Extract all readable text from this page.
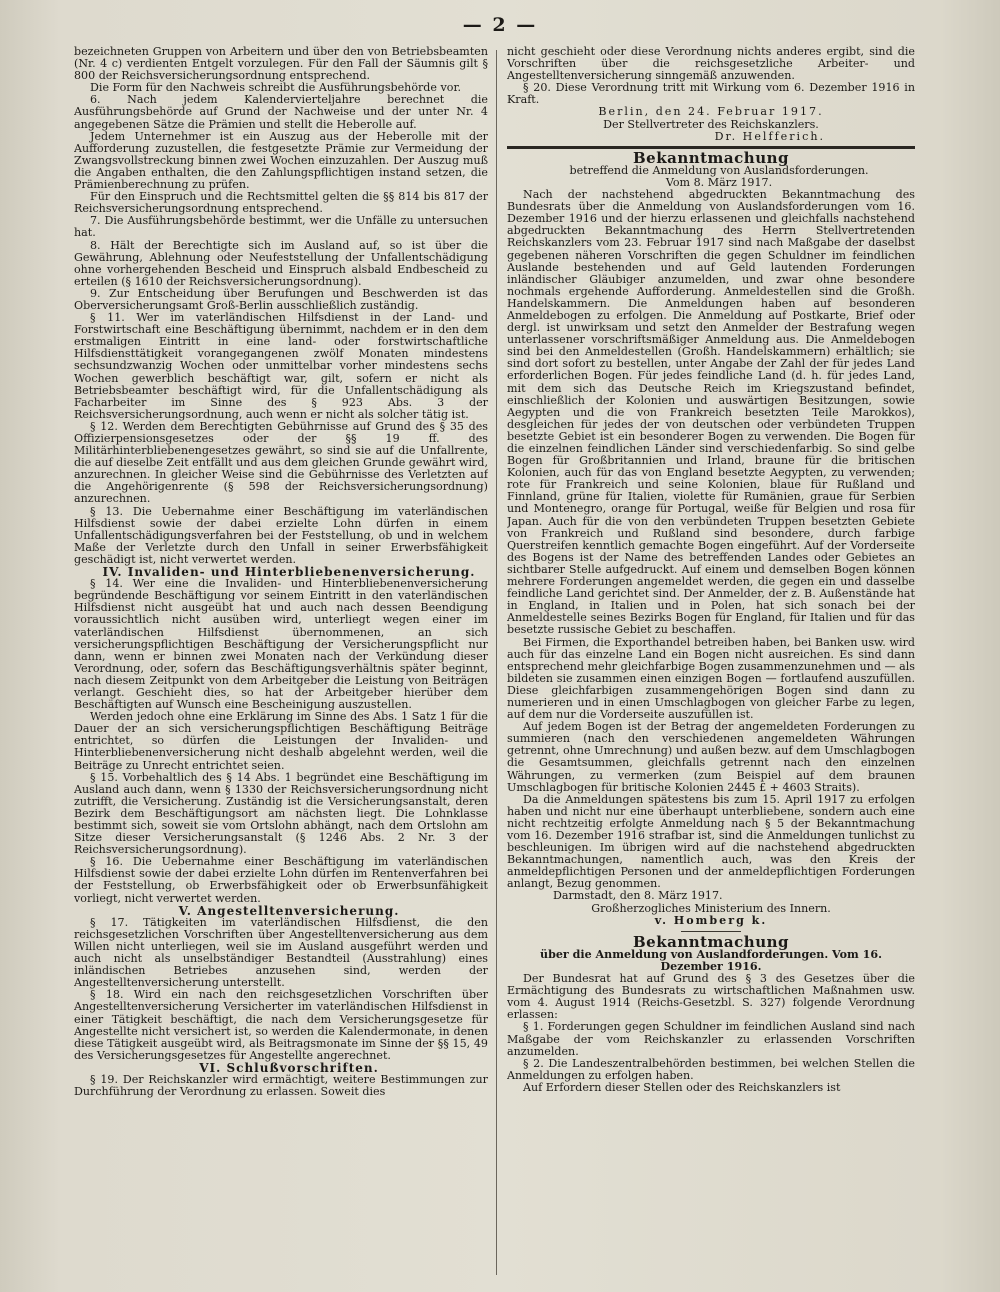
— 2 —

bezeichneten Gruppen von Arbeitern und über den von Betriebsbeamten (Nr. 4 c) verdienten Entgelt vorzulegen. Für den Fall der Säumnis gilt § 800 der Reichsversicherungsordnung entsprechend.

Die Form für den Nachweis schreibt die Ausführungsbehörde vor.

6. Nach jedem Kalendervierteljahre berechnet die Ausführungsbehörde auf Grund der Nachweise und der unter Nr. 4 angegebenen Sätze die Prämien und stellt die Heberolle auf.

Jedem Unternehmer ist ein Auszug aus der Heberolle mit der Aufforderung zuzustellen, die festgesetzte Prämie zur Vermeidung der Zwangsvollstreckung binnen zwei Wochen einzuzahlen. Der Auszug muß die Angaben enthalten, die den Zahlungspflichtigen instand setzen, die Prämienberechnung zu prüfen.

Für den Einspruch und die Rechtsmittel gelten die §§ 814 bis 817 der Reichsversicherungsordnung entsprechend.

7. Die Ausführungsbehörde bestimmt, wer die Unfälle zu untersuchen hat.

8. Hält der Berechtigte sich im Ausland auf, so ist über die Gewährung, Ablehnung oder Neufeststellung der Unfallentschädigung ohne vorhergehenden Bescheid und Einspruch alsbald Endbescheid zu erteilen (§ 1610 der Reichsversicherungsordnung).

9. Zur Entscheidung über Berufungen und Beschwerden ist das Oberversicherungsamt Groß-Berlin ausschließlich zuständig.

§ 11. Wer im vaterländischen Hilfsdienst in der Land- und Forstwirtschaft eine Beschäftigung übernimmt, nachdem er in den dem erstmaligen Eintritt in eine land- oder forstwirtschaftliche Hilfsdiensttätigkeit vorangegangenen zwölf Monaten mindestens sechsundzwanzig Wochen oder unmittelbar vorher mindestens sechs Wochen gewerblich beschäftigt war, gilt, sofern er nicht als Betriebsbeamter beschäftigt wird, für die Unfallentschädigung als Facharbeiter im Sinne des § 923 Abs. 3 der Reichsversicherungsordnung, auch wenn er nicht als solcher tätig ist.

§ 12. Werden dem Berechtigten Gebührnisse auf Grund des § 35 des Offizierpensionsgesetzes oder der §§ 19 ff. des Militärhinterbliebenengesetzes gewährt, so sind sie auf die Unfallrente, die auf dieselbe Zeit entfällt und aus dem gleichen Grunde gewährt wird, anzurechnen. In gleicher Weise sind die Gebührnisse des Verletzten auf die Angehörigenrente (§ 598 der Reichsversicherungsordnung) anzurechnen.

§ 13. Die Uebernahme einer Beschäftigung im vaterländischen Hilfsdienst sowie der dabei erzielte Lohn dürfen in einem Unfallentschädigungsverfahren bei der Feststellung, ob und in welchem Maße der Verletzte durch den Unfall in seiner Erwerbsfähigkeit geschädigt ist, nicht verwertet werden.

IV. Invaliden- und Hinterbliebenenversicherung.

§ 14. Wer eine die Invaliden- und Hinterbliebenenversicherung begründende Beschäftigung vor seinem Eintritt in den vaterländischen Hilfsdienst nicht ausgeübt hat und auch nach dessen Beendigung voraussichtlich nicht ausüben wird, unterliegt wegen einer im vaterländischen Hilfsdienst übernommenen, an sich versicherungspflichtigen Beschäftigung der Versicherungspflicht nur dann, wenn er binnen zwei Monaten nach der Verkündung dieser Verordnung, oder, sofern das Beschäftigungsverhältnis später beginnt, nach diesem Zeitpunkt von dem Arbeitgeber die Leistung von Beiträgen verlangt. Geschieht dies, so hat der Arbeitgeber hierüber dem Beschäftigten auf Wunsch eine Bescheinigung auszustellen.

Werden jedoch ohne eine Erklärung im Sinne des Abs. 1 Satz 1 für die Dauer der an sich versicherungspflichtigen Beschäftigung Beiträge entrichtet, so dürfen die Leistungen der Invaliden- und Hinterbliebenenversicherung nicht deshalb abgelehnt werden, weil die Beiträge zu Unrecht entrichtet seien.

§ 15. Vorbehaltlich des § 14 Abs. 1 begründet eine Beschäftigung im Ausland auch dann, wenn § 1330 der Reichsversicherungsordnung nicht zutrifft, die Versicherung. Zuständig ist die Versicherungsanstalt, deren Bezirk dem Beschäftigungsort am nächsten liegt. Die Lohnklasse bestimmt sich, soweit sie vom Ortslohn abhängt, nach dem Ortslohn am Sitze dieser Versicherungsanstalt (§ 1246 Abs. 2 Nr. 3 der Reichsversicherungsordnung).

§ 16. Die Uebernahme einer Beschäftigung im vaterländischen Hilfsdienst sowie der dabei erzielte Lohn dürfen im Rentenverfahren bei der Feststellung, ob Erwerbsfähigkeit oder ob Erwerbsunfähigkeit vorliegt, nicht verwertet werden.

V. Angestelltenversicherung.

§ 17. Tätigkeiten im vaterländischen Hilfsdienst, die den reichsgesetzlichen Vorschriften über Angestelltenversicherung aus dem Willen nicht unterliegen, weil sie im Ausland ausgeführt werden und auch nicht als unselbständiger Bestandteil (Ausstrahlung) eines inländischen Betriebes anzusehen sind, werden der Angestelltenversicherung unterstellt.

§ 18. Wird ein nach den reichsgesetzlichen Vorschriften über Angestelltenversicherung Versicherter im vaterländischen Hilfsdienst in einer Tätigkeit beschäftigt, die nach dem Versicherungsgesetze für Angestellte nicht versichert ist, so werden die Kalendermonate, in denen diese Tätigkeit ausgeübt wird, als Beitragsmonate im Sinne der §§ 15, 49 des Versicherungsgesetzes für Angestellte angerechnet.

VI. Schlußvorschriften.

§ 19. Der Reichskanzler wird ermächtigt, weitere Bestimmungen zur Durchführung der Verordnung zu erlassen. Soweit dies

nicht geschieht oder diese Verordnung nichts anderes ergibt, sind die Vorschriften über die reichsgesetzliche Arbeiter- und Angestelltenversicherung sinngemäß anzuwenden.

§ 20. Diese Verordnung tritt mit Wirkung vom 6. Dezember 1916 in Kraft.

Berlin, den 24. Februar 1917.

Der Stellvertreter des Reichskanzlers.

Dr. Helfferich.

Bekanntmachung

betreffend die Anmeldung von Auslandsforderungen.

Vom 8. März 1917.

Nach der nachstehend abgedruckten Bekanntmachung des Bundesrats über die Anmeldung von Auslandsforderungen vom 16. Dezember 1916 und der hierzu erlassenen und gleichfalls nachstehend abgedruckten Bekanntmachung des Herrn Stellvertretenden Reichskanzlers vom 23. Februar 1917 sind nach Maßgabe der daselbst gegebenen näheren Vorschriften die gegen Schuldner im feindlichen Auslande bestehenden und auf Geld lautenden Forderungen inländischer Gläubiger anzumelden, und zwar ohne besondere nochmals ergehende Aufforderung. Anmeldestellen sind die Großh. Handelskammern. Die Anmeldungen haben auf besonderen Anmeldebogen zu erfolgen. Die Anmeldung auf Postkarte, Brief oder dergl. ist unwirksam und setzt den Anmelder der Bestrafung wegen unterlassener vorschriftsmäßiger Anmeldung aus. Die Anmeldebogen sind bei den Anmeldestellen (Großh. Handelskammern) erhältlich; sie sind dort sofort zu bestellen, unter Angabe der Zahl der für jedes Land erforderlichen Bogen. Für jedes feindliche Land (d. h. für jedes Land, mit dem sich das Deutsche Reich im Kriegszustand befindet, einschließlich der Kolonien und auswärtigen Besitzungen, sowie Aegypten und die von Frankreich besetzten Teile Marokkos), desgleichen für jedes der von deutschen oder verbündeten Truppen besetzte Gebiet ist ein besonderer Bogen zu verwenden. Die Bogen für die einzelnen feindlichen Länder sind verschiedenfarbig. So sind gelbe Bogen für Großbritannien und Irland, braune für die britischen Kolonien, auch für das von England besetzte Aegypten, zu verwenden; rote für Frankreich und seine Kolonien, blaue für Rußland und Finnland, grüne für Italien, violette für Rumänien, graue für Serbien und Montenegro, orange für Portugal, weiße für Belgien und rosa für Japan. Auch für die von den verbündeten Truppen besetzten Gebiete von Frankreich und Rußland sind besondere, durch farbige Querstreifen kenntlich gemachte Bogen eingeführt. Auf der Vorderseite des Bogens ist der Name des betreffenden Landes oder Gebietes an sichtbarer Stelle aufgedruckt. Auf einem und demselben Bogen können mehrere Forderungen angemeldet werden, die gegen ein und dasselbe feindliche Land gerichtet sind. Der Anmelder, der z. B. Außenstände hat in England, in Italien und in Polen, hat sich sonach bei der Anmeldestelle seines Bezirks Bogen für England, für Italien und für das besetzte russische Gebiet zu beschaffen.

Bei Firmen, die Exporthandel betreiben haben, bei Banken usw. wird auch für das einzelne Land ein Bogen nicht ausreichen. Es sind dann entsprechend mehr gleichfarbige Bogen zusammenzunehmen und — als bildeten sie zusammen einen einzigen Bogen — fortlaufend auszufüllen. Diese gleichfarbigen zusammengehörigen Bogen sind dann zu numerieren und in einen Umschlagbogen von gleicher Farbe zu legen, auf dem nur die Vorderseite auszufüllen ist.

Auf jedem Bogen ist der Betrag der angemeldeten Forderungen zu summieren (nach den verschiedenen angemeldeten Währungen getrennt, ohne Umrechnung) und außen bezw. auf dem Umschlagbogen die Gesamtsummen, gleichfalls getrennt nach den einzelnen Währungen, zu vermerken (zum Beispiel auf dem braunen Umschlagbogen für britische Kolonien 2445 £ + 4603 Straits).

Da die Anmeldungen spätestens bis zum 15. April 1917 zu erfolgen haben und nicht nur eine überhaupt unterbliebene, sondern auch eine nicht rechtzeitig erfolgte Anmeldung nach § 5 der Bekanntmachung vom 16. Dezember 1916 strafbar ist, sind die Anmeldungen tunlichst zu beschleunigen. Im übrigen wird auf die nachstehend abgedruckten Bekanntmachungen, namentlich auch, was den Kreis der anmeldepflichtigen Personen und der anmeldepflichtigen Forderungen anlangt, Bezug genommen.

Darmstadt, den 8. März 1917.

Großherzogliches Ministerium des Innern.

v. Homberg k.

Bekanntmachung

über die Anmeldung von Auslandforderungen. Vom 16. Dezember 1916.

Der Bundesrat hat auf Grund des § 3 des Gesetzes über die Ermächtigung des Bundesrats zu wirtschaftlichen Maßnahmen usw. vom 4. August 1914 (Reichs-Gesetzbl. S. 327) folgende Verordnung erlassen:

§ 1. Forderungen gegen Schuldner im feindlichen Ausland sind nach Maßgabe der vom Reichskanzler zu erlassenden Vorschriften anzumelden.

§ 2. Die Landeszentralbehörden bestimmen, bei welchen Stellen die Anmeldungen zu erfolgen haben.

Auf Erfordern dieser Stellen oder des Reichskanzlers ist
